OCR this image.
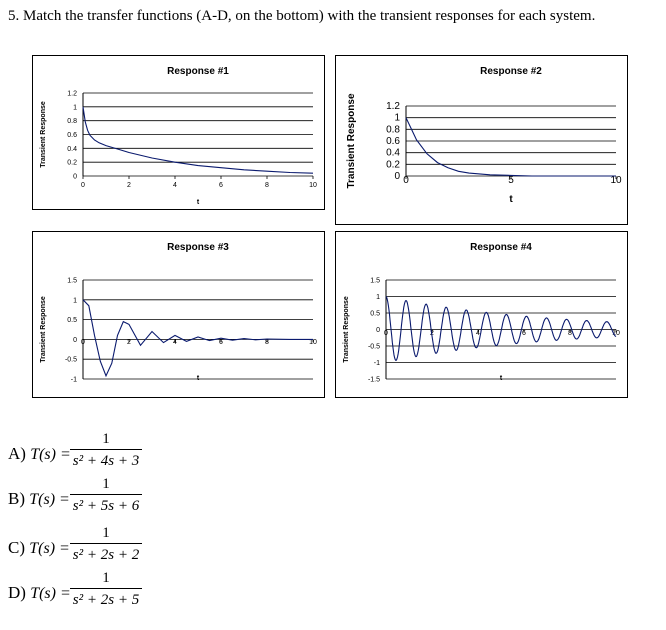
5. Match the transfer functions (A-D, on the bottom) with the transient responses for each system.
Response #1
Transient Response
t
0
0.2
0.4
0.6
0.8
1
1.2
0	2	4	6	8	10
Response #2
Transient Response
t
0
0.2
0.4
0.6
0.8
1
1.2
0	5	10
Response #3
Transient Response
t
-1
-0.5
0
0.5
1
1.5
0	2	4	6	8	10
Response #4
Transient Response
t
-1.5
-1
-0.5
0
0.5
1
1.5
0	2	4	6	8	10
A) T(s) =
1
s² + 4s + 3
B) T(s) =
1
s² + 5s + 6
C) T(s) =
1
s² + 2s + 2
D) T(s) =
1
s² + 2s + 5
